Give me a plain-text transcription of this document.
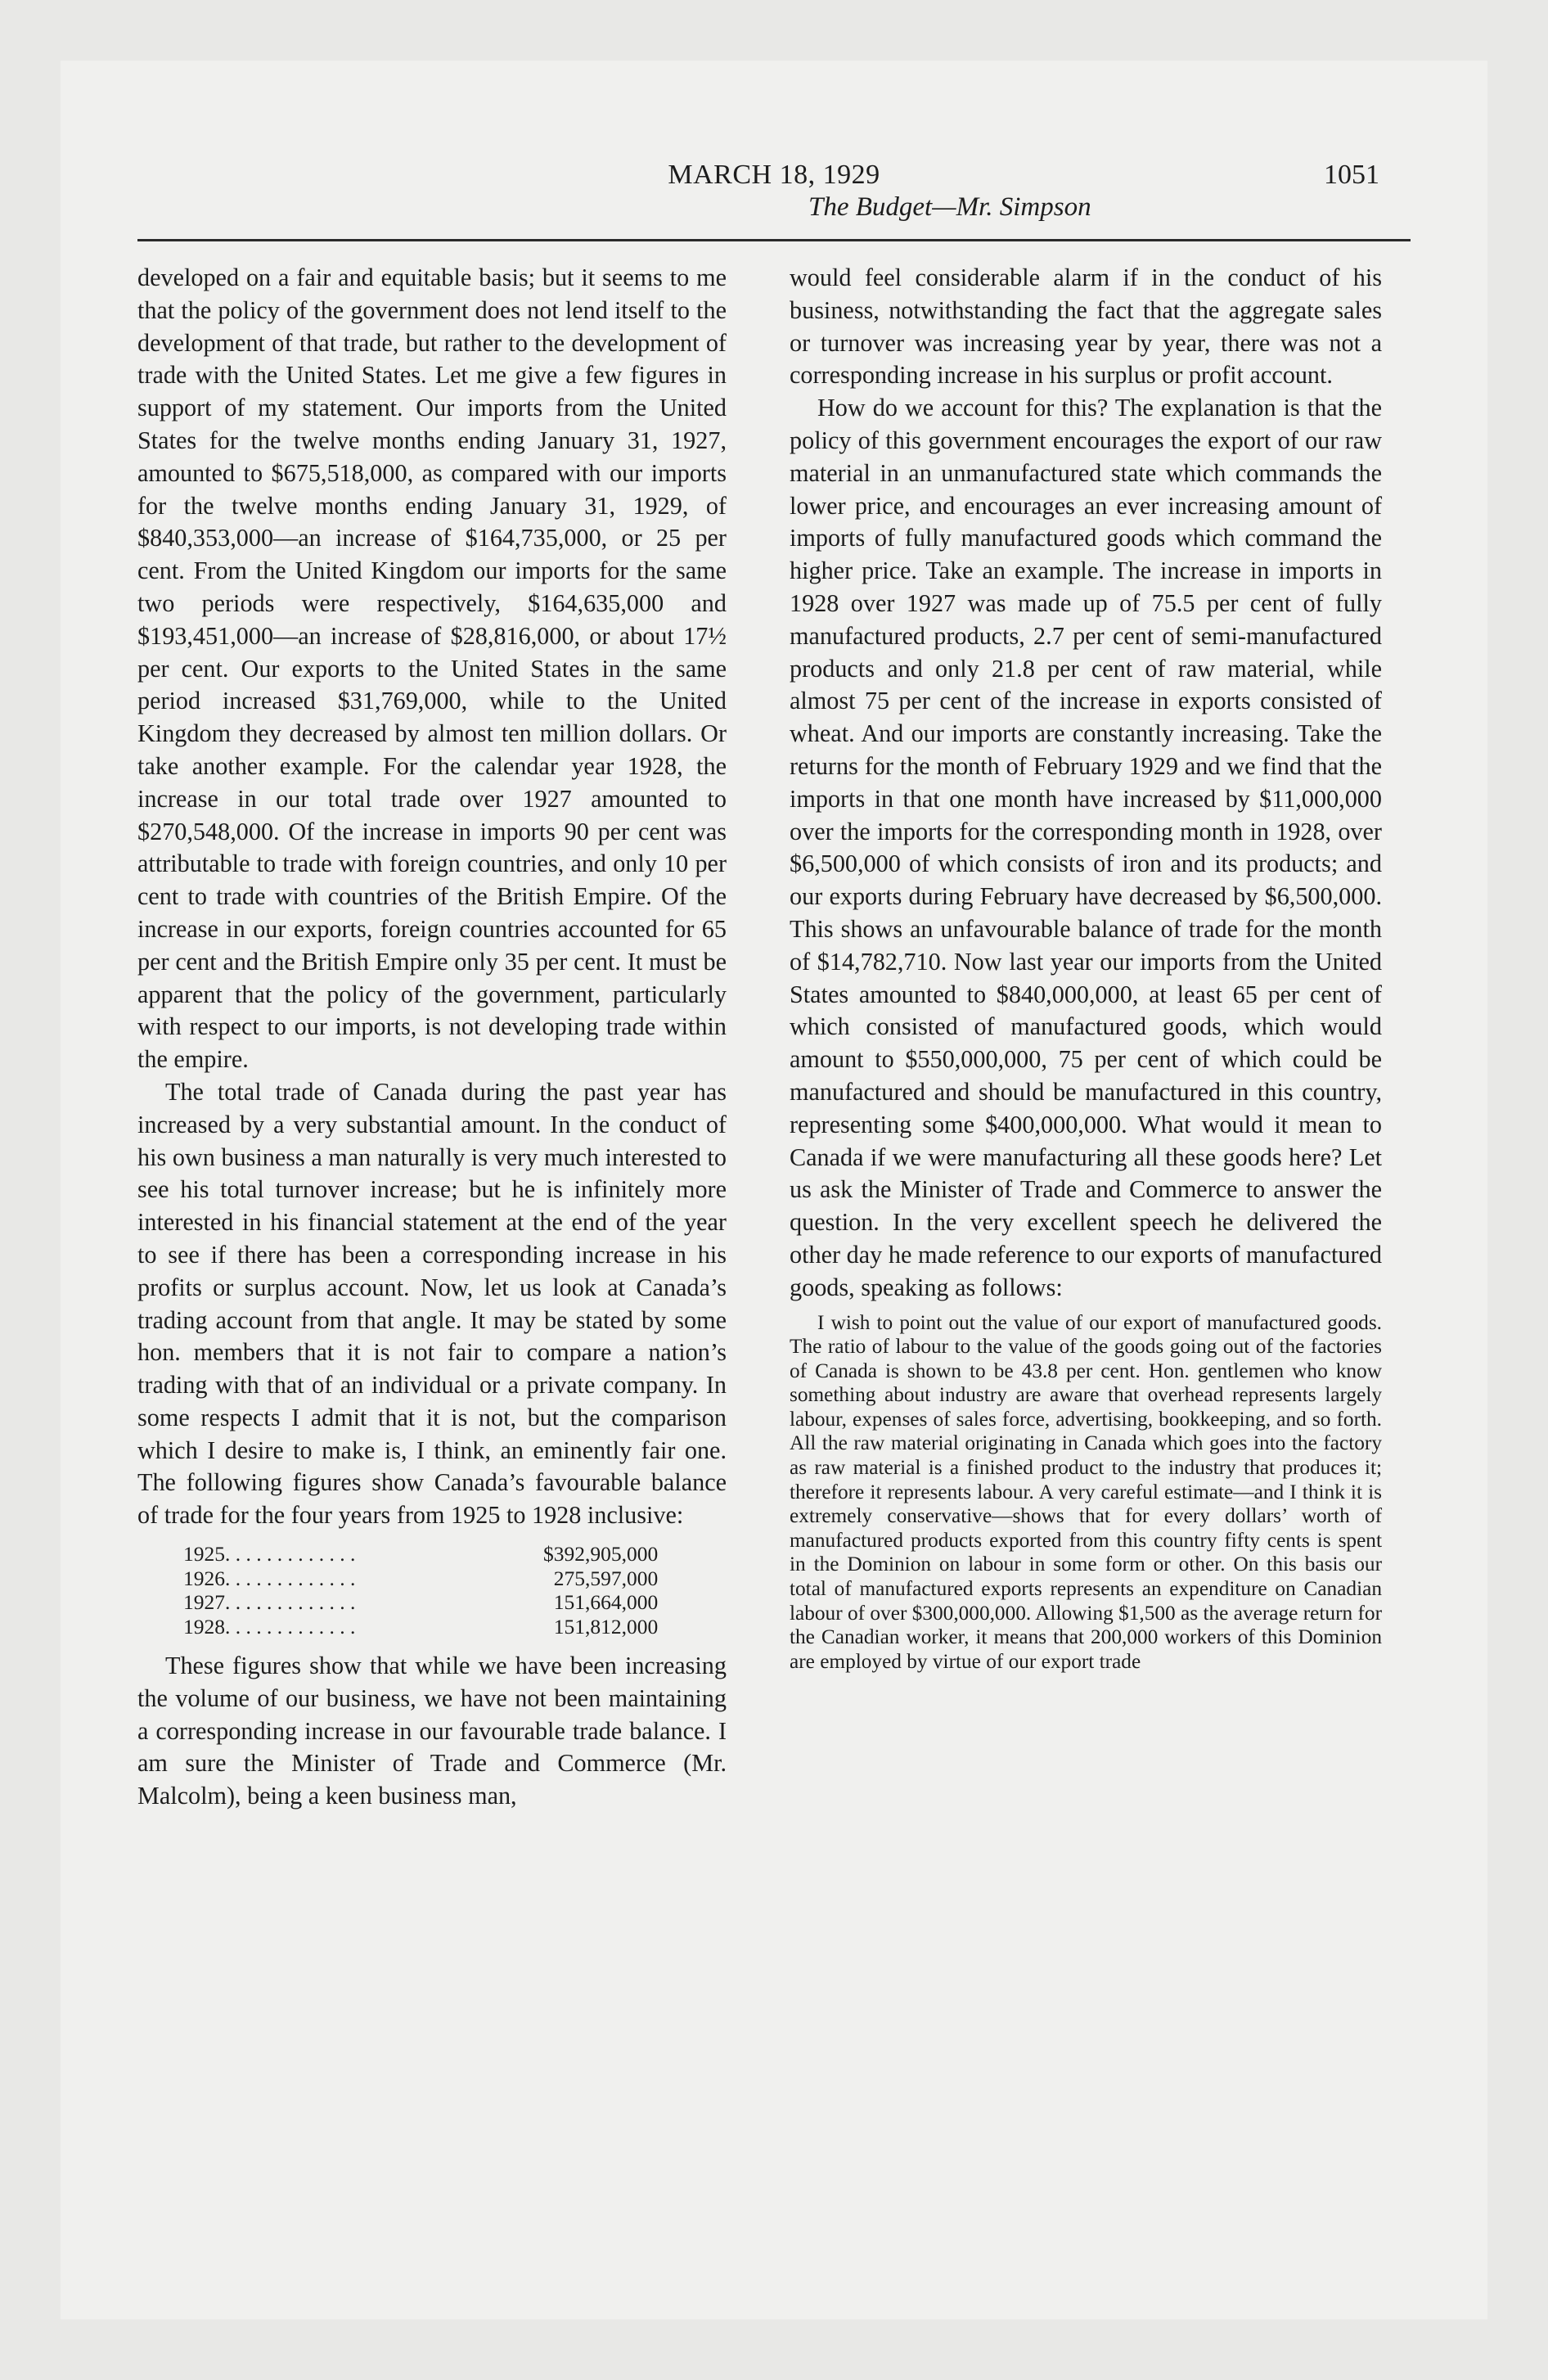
MARCH 18, 1929	1051
The Budget—Mr. Simpson

developed on a fair and equitable basis; but it seems to me that the policy of the government does not lend itself to the development of that trade, but rather to the development of trade with the United States. Let me give a few figures in support of my statement. Our imports from the United States for the twelve months ending January 31, 1927, amounted to $675,518,000, as compared with our imports for the twelve months ending January 31, 1929, of $840,353,000—an increase of $164,735,000, or 25 per cent. From the United Kingdom our imports for the same two periods were respectively, $164,635,000 and $193,451,000—an increase of $28,816,000, or about 17½ per cent. Our exports to the United States in the same period increased $31,769,000, while to the United Kingdom they decreased by almost ten million dollars. Or take another example. For the calendar year 1928, the increase in our total trade over 1927 amounted to $270,548,000. Of the increase in imports 90 per cent was attributable to trade with foreign countries, and only 10 per cent to trade with countries of the British Empire. Of the increase in our exports, foreign countries accounted for 65 per cent and the British Empire only 35 per cent. It must be apparent that the policy of the government, particularly with respect to our imports, is not developing trade within the empire.

The total trade of Canada during the past year has increased by a very substantial amount. In the conduct of his own business a man naturally is very much interested to see his total turnover increase; but he is infinitely more interested in his financial statement at the end of the year to see if there has been a corresponding increase in his profits or surplus account. Now, let us look at Canada’s trading account from that angle. It may be stated by some hon. members that it is not fair to compare a nation’s trading with that of an individual or a private company. In some respects I admit that it is not, but the comparison which I desire to make is, I think, an eminently fair one. The following figures show Canada’s favourable balance of trade for the four years from 1925 to 1928 inclusive:

1925. . . . . . . . . . . . .	$392,905,000
1926. . . . . . . . . . . . .	275,597,000
1927. . . . . . . . . . . . .	151,664,000
1928. . . . . . . . . . . . .	151,812,000

These figures show that while we have been increasing the volume of our business, we have not been maintaining a corresponding increase in our favourable trade balance. I am sure the Minister of Trade and Commerce (Mr. Malcolm), being a keen business man,

would feel considerable alarm if in the conduct of his business, notwithstanding the fact that the aggregate sales or turnover was increasing year by year, there was not a corresponding increase in his surplus or profit account.

How do we account for this? The explanation is that the policy of this government encourages the export of our raw material in an unmanufactured state which commands the lower price, and encourages an ever increasing amount of imports of fully manufactured goods which command the higher price. Take an example. The increase in imports in 1928 over 1927 was made up of 75.5 per cent of fully manufactured products, 2.7 per cent of semi-manufactured products and only 21.8 per cent of raw material, while almost 75 per cent of the increase in exports consisted of wheat. And our imports are constantly increasing. Take the returns for the month of February 1929 and we find that the imports in that one month have increased by $11,000,000 over the imports for the corresponding month in 1928, over $6,500,000 of which consists of iron and its products; and our exports during February have decreased by $6,500,000. This shows an unfavourable balance of trade for the month of $14,782,710. Now last year our imports from the United States amounted to $840,000,000, at least 65 per cent of which consisted of manufactured goods, which would amount to $550,000,000, 75 per cent of which could be manufactured and should be manufactured in this country, representing some $400,000,000. What would it mean to Canada if we were manufacturing all these goods here? Let us ask the Minister of Trade and Commerce to answer the question. In the very excellent speech he delivered the other day he made reference to our exports of manufactured goods, speaking as follows:

I wish to point out the value of our export of manufactured goods. The ratio of labour to the value of the goods going out of the factories of Canada is shown to be 43.8 per cent. Hon. gentlemen who know something about industry are aware that overhead represents largely labour, expenses of sales force, advertising, bookkeeping, and so forth. All the raw material originating in Canada which goes into the factory as raw material is a finished product to the industry that produces it; therefore it represents labour. A very careful estimate—and I think it is extremely conservative—shows that for every dollars’ worth of manufactured products exported from this country fifty cents is spent in the Dominion on labour in some form or other. On this basis our total of manufactured exports represents an expenditure on Canadian labour of over $300,000,000. Allowing $1,500 as the average return for the Canadian worker, it means that 200,000 workers of this Dominion are employed by virtue of our export trade
